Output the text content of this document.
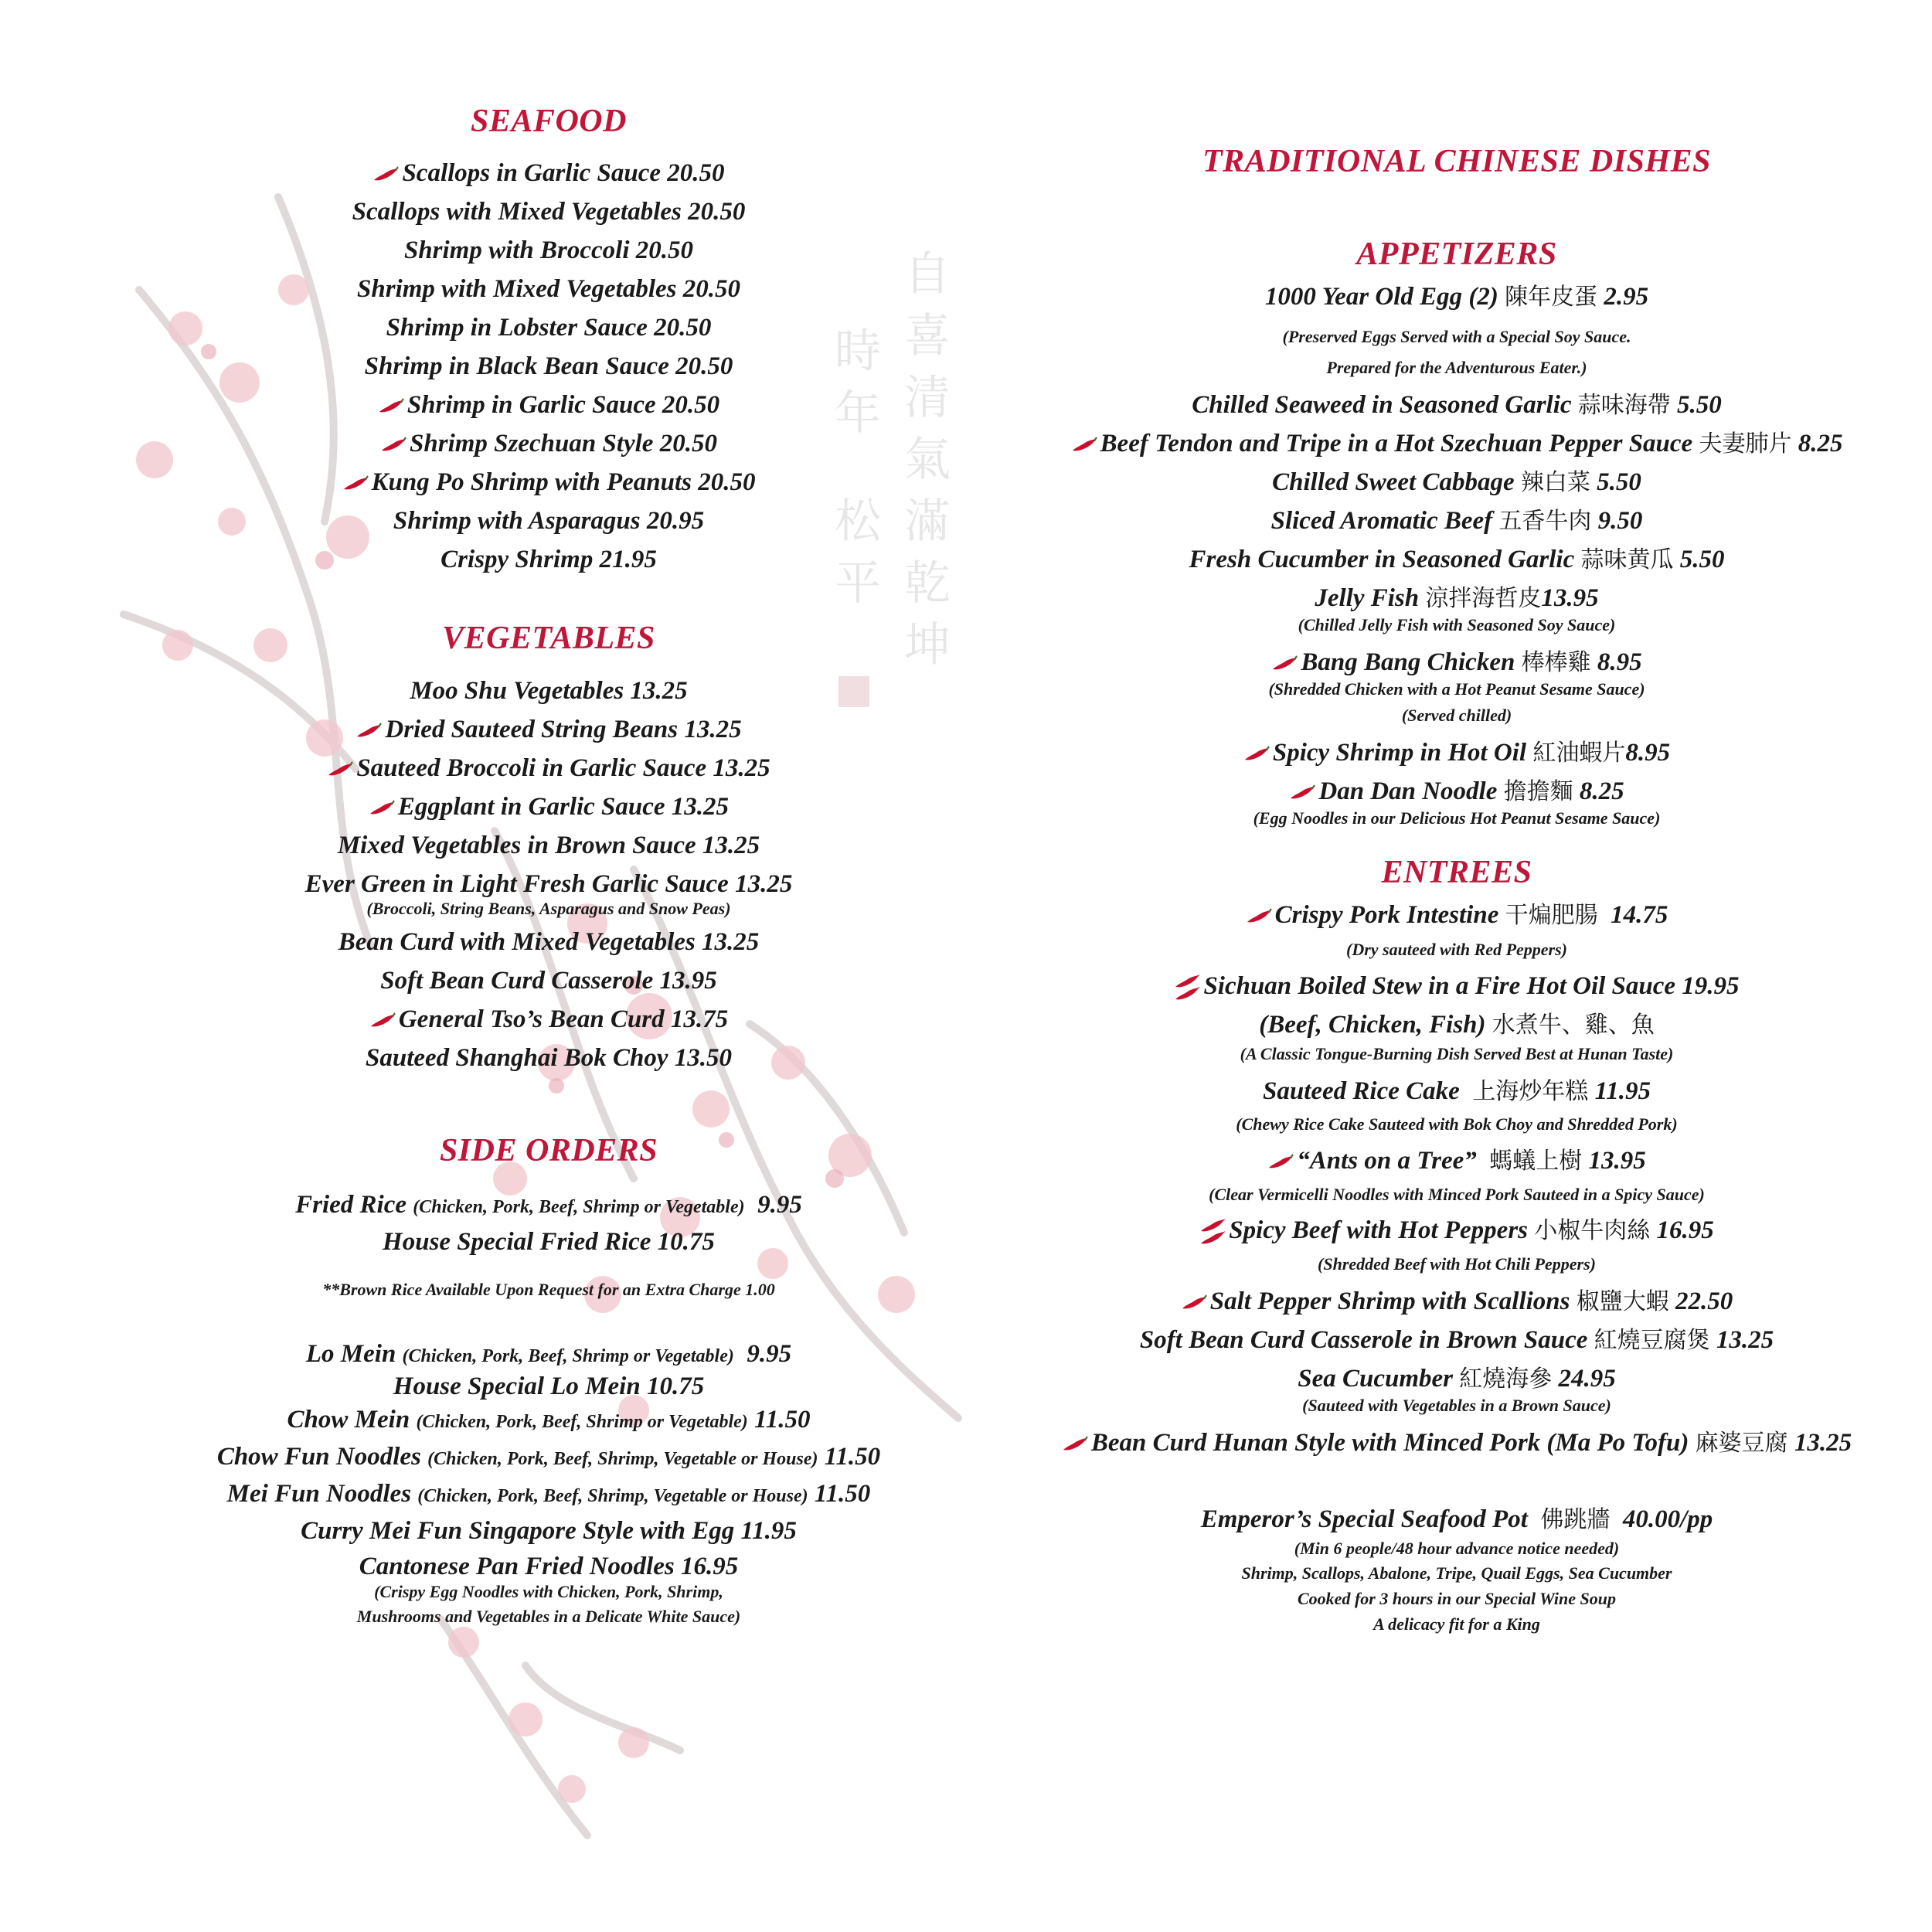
自
喜
清
氣
滿
乾
坤
時
年
松
平
SEAFOOD
Scallops in Garlic Sauce 20.50
Scallops with Mixed Vegetables 20.50
Shrimp with Broccoli 20.50
Shrimp with Mixed Vegetables 20.50
Shrimp in Lobster Sauce 20.50
Shrimp in Black Bean Sauce 20.50
Shrimp in Garlic Sauce 20.50
Shrimp Szechuan Style 20.50
Kung Po Shrimp with Peanuts 20.50
Shrimp with Asparagus 20.95
Crispy Shrimp 21.95
VEGETABLES
Moo Shu Vegetables 13.25
Dried Sauteed String Beans 13.25
Sauteed Broccoli in Garlic Sauce 13.25
Eggplant in Garlic Sauce 13.25
Mixed Vegetables in Brown Sauce 13.25
Ever Green in Light Fresh Garlic Sauce 13.25
(Broccoli, String Beans, Asparagus and Snow Peas)
Bean Curd with Mixed Vegetables 13.25
Soft Bean Curd Casserole 13.95
General Tso’s Bean Curd 13.75
Sauteed Shanghai Bok Choy 13.50
SIDE ORDERS
Fried Rice (Chicken, Pork, Beef, Shrimp or Vegetable) 9.95
House Special Fried Rice 10.75
**Brown Rice Available Upon Request for an Extra Charge 1.00
Lo Mein (Chicken, Pork, Beef, Shrimp or Vegetable) 9.95
House Special Lo Mein 10.75
Chow Mein (Chicken, Pork, Beef, Shrimp or Vegetable) 11.50
Chow Fun Noodles (Chicken, Pork, Beef, Shrimp, Vegetable or House) 11.50
Mei Fun Noodles (Chicken, Pork, Beef, Shrimp, Vegetable or House) 11.50
Curry Mei Fun Singapore Style with Egg 11.95
Cantonese Pan Fried Noodles 16.95
(Crispy Egg Noodles with Chicken, Pork, Shrimp,
Mushrooms and Vegetables in a Delicate White Sauce)
TRADITIONAL CHINESE DISHES
APPETIZERS
1000 Year Old Egg (2) 陳年皮蛋 2.95
(Preserved Eggs Served with a Special Soy Sauce.
Prepared for the Adventurous Eater.)
Chilled Seaweed in Seasoned Garlic 蒜味海帶 5.50
Beef Tendon and Tripe in a Hot Szechuan Pepper Sauce 夫妻肺片 8.25
Chilled Sweet Cabbage 辣白菜 5.50
Sliced Aromatic Beef 五香牛肉 9.50
Fresh Cucumber in Seasoned Garlic 蒜味黄瓜 5.50
Jelly Fish 涼拌海哲皮13.95
(Chilled Jelly Fish with Seasoned Soy Sauce)
Bang Bang Chicken 棒棒雞 8.95
(Shredded Chicken with a Hot Peanut Sesame Sauce)
(Served chilled)
Spicy Shrimp in Hot Oil 紅油蝦片8.95
Dan Dan Noodle 擔擔麵 8.25
(Egg Noodles in our Delicious Hot Peanut Sesame Sauce)
ENTREES
Crispy Pork Intestine 干煸肥腸 14.75
(Dry sauteed with Red Peppers)
Sichuan Boiled Stew in a Fire Hot Oil Sauce 19.95
(Beef, Chicken, Fish) 水煮牛、雞、魚
(A Classic Tongue-Burning Dish Served Best at Hunan Taste)
Sauteed Rice Cake 上海炒年糕 11.95
(Chewy Rice Cake Sauteed with Bok Choy and Shredded Pork)
“Ants on a Tree” 螞蟻上樹 13.95
(Clear Vermicelli Noodles with Minced Pork Sauteed in a Spicy Sauce)
Spicy Beef with Hot Peppers 小椒牛肉絲 16.95
(Shredded Beef with Hot Chili Peppers)
Salt Pepper Shrimp with Scallions 椒鹽大蝦 22.50
Soft Bean Curd Casserole in Brown Sauce 紅燒豆腐煲 13.25
Sea Cucumber 紅燒海參 24.95
(Sauteed with Vegetables in a Brown Sauce)
Bean Curd Hunan Style with Minced Pork (Ma Po Tofu) 麻婆豆腐 13.25
Emperor’s Special Seafood Pot 佛跳牆 40.00/pp
(Min 6 people/48 hour advance notice needed)
Shrimp, Scallops, Abalone, Tripe, Quail Eggs, Sea Cucumber
Cooked for 3 hours in our Special Wine Soup
A delicacy fit for a King
